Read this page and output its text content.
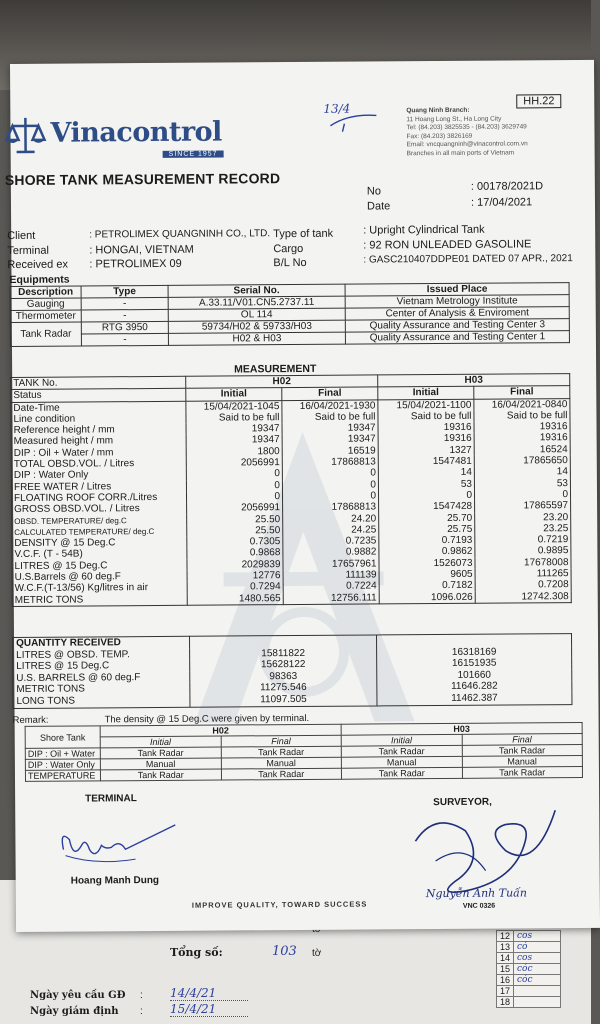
Tổng số:	103 tờ
Ngày yêu cầu GĐ : 14/4/21
Ngày giám định : 15/4/21
12	cos
13	có
14	cos
15	cóc
16	cóc
17	
18	
Vinacontrol
SINCE 1957
13/4
HH.22
Quang Ninh Branch:
11 Hoang Long St., Ha Long City
Tel: (84.203) 3825535 - (84.203) 3629749
Fax: (84.203) 3826169
Email: vncquangninh@vinacontrol.com.vn
Branches in all main ports of Vietnam
SHORE TANK MEASUREMENT RECORD
No	: 00178/2021D
Date	: 17/04/2021
Client	: PETROLIMEX QUANGNINH CO., LTD.
Terminal	: HONGAI, VIETNAM
Received ex : PETROLIMEX 09
Type of tank	: Upright Cylindrical Tank
Cargo	: 92 RON UNLEADED GASOLINE
B/L No	: GASC210407DDPE01 DATED 07 APR., 2021
Equipments
Description	Type	Serial No.	Issued Place
Gauging	-	A.33.11/V01.CN5.2737.11	Vietnam Metrology Institute
Thermometer	-	OL 114	Center of Analysis & Enviroment
Tank Radar	RTG 3950	59734/H02 & 59733/H03	Quality Assurance and Testing Center 3
	-	H02 & H03	Quality Assurance and Testing Center 1
MEASUREMENT
TANK No.	H02		H03	
Status	Initial	Final	Initial	Final
Date-Time	15/04/2021-1045	16/04/2021-1930	15/04/2021-1100	16/04/2021-0840
Line condition	Said to be full	Said to be full	Said to be full	Said to be full
Reference height / mm	19347	19347	19316	19316
Measured height / mm	19347	19347	19316	19316
DIP : Oil + Water / mm	1800	16519	1327	16524
TOTAL OBSD.VOL. / Litres	2056991	17868813	1547481	17865650
DIP : Water Only	0	0	14	14
FREE WATER / Litres	0	0	53	53
FLOATING ROOF CORR./Litres	0	0	0	0
GROSS OBSD.VOL. / Litres	2056991	17868813	1547428	17865597
OBSD. TEMPERATURE/ deg.C	25.50	24.20	25.70	23.20
CALCULATED TEMPERATURE/ deg.C	25.50	24.25	25.75	23.25
DENSITY @ 15 Deg.C	0.7305	0.7235	0.7193	0.7219
V.C.F. (T - 54B)	0.9868	0.9882	0.9862	0.9895
LITRES @ 15 Deg.C	2029839	17657961	1526073	17678008
U.S.Barrels @ 60 deg.F	12776	111139	9605	111265
W.C.F.(T-13/56) Kg/litres in air	0.7294	0.7224	0.7182	0.7208
METRIC TONS	1480.565	12756.111	1096.026	12742.308
QUANTITY RECEIVED		
LITRES @ OBSD. TEMP.	15811822	16318169
LITRES @ 15 Deg.C	15628122	16151935
U.S. BARRELS @ 60 deg.F	98363	101660
METRIC TONS	11275.546	11646.282
LONG TONS	11097.505	11462.387
Remark:	The density @ 15 Deg.C were given by terminal.
Shore Tank	H02		H03	
	Initial	Final	Initial	Final
DIP : Oil + Water	Tank Radar	Tank Radar	Tank Radar	Tank Radar
DIP : Water Only	Manual	Manual	Manual	Manual
TEMPERATURE	Tank Radar	Tank Radar	Tank Radar	Tank Radar
TERMINAL	SURVEYOR,
Hoang Manh Dung
Nguyễn Anh Tuấn
VNC 0326
IMPROVE QUALITY, TOWARD SUCCESS
